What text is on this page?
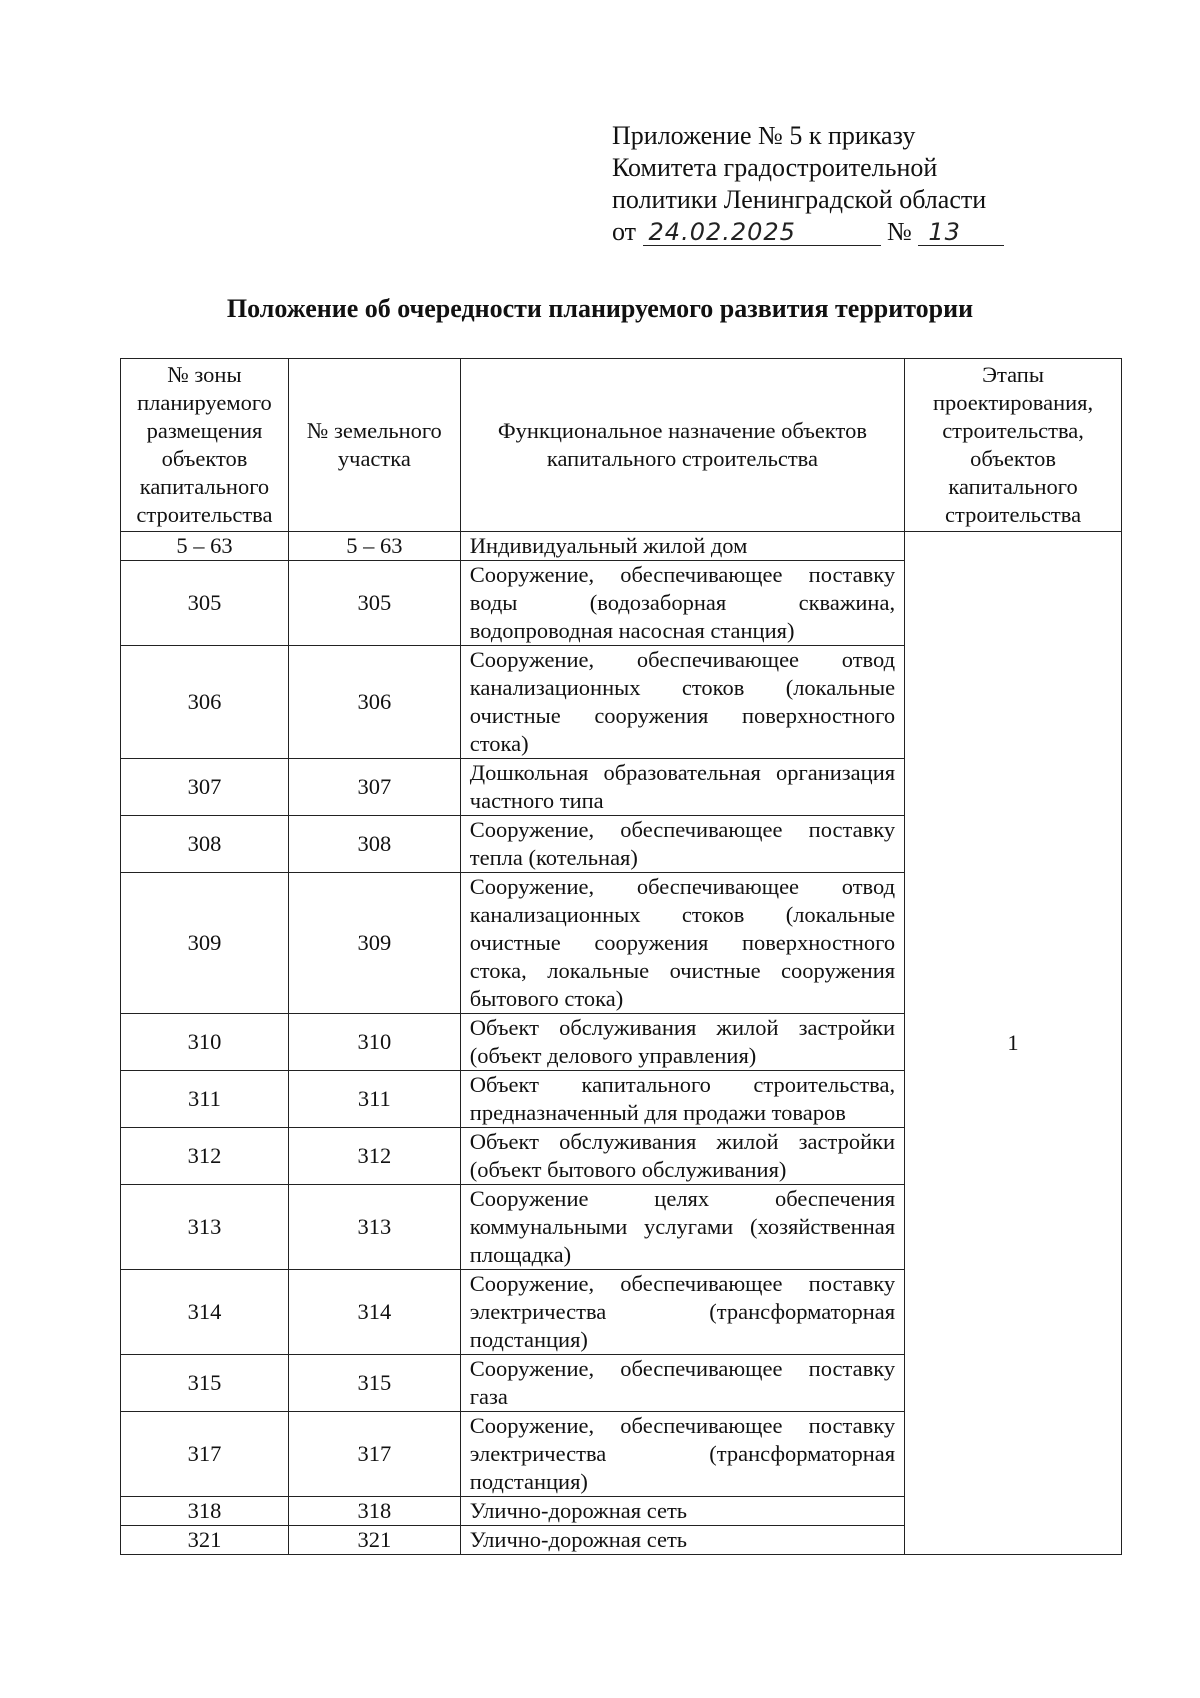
Приложение № 5 к приказу
Комитета градостроительной
политики Ленинградской области
от 24.02.2025	№ 13
Положение об очередности планируемого развития территории
№ зоны планируемого размещения объектов капитального строительства	№ земельного участка	Функциональное назначение объектов капитального строительства	Этапы проектирования, строительства, объектов капитального строительства
5 – 63	5 – 63	Индивидуальный жилой дом	1
305	305	Сооружение, обеспечивающее поставку воды (водозаборная скважина, водопроводная насосная станция)	
306	306	Сооружение, обеспечивающее отвод канализационных стоков (локальные очистные сооружения поверхностного стока)	
307	307	Дошкольная образовательная организация частного типа	
308	308	Сооружение, обеспечивающее поставку тепла (котельная)	
309	309	Сооружение, обеспечивающее отвод канализационных стоков (локальные очистные сооружения поверхностного стока, локальные очистные сооружения бытового стока)	
310	310	Объект обслуживания жилой застройки (объект делового управления)	
311	311	Объект капитального строительства, предназначенный для продажи товаров	
312	312	Объект обслуживания жилой застройки (объект бытового обслуживания)	
313	313	Сооружение целях обеспечения коммунальными услугами (хозяйственная площадка)	
314	314	Сооружение, обеспечивающее поставку электричества (трансформаторная подстанция)	
315	315	Сооружение, обеспечивающее поставку газа	
317	317	Сооружение, обеспечивающее поставку электричества (трансформаторная подстанция)	
318	318	Улично-дорожная сеть	
321	321	Улично-дорожная сеть	
